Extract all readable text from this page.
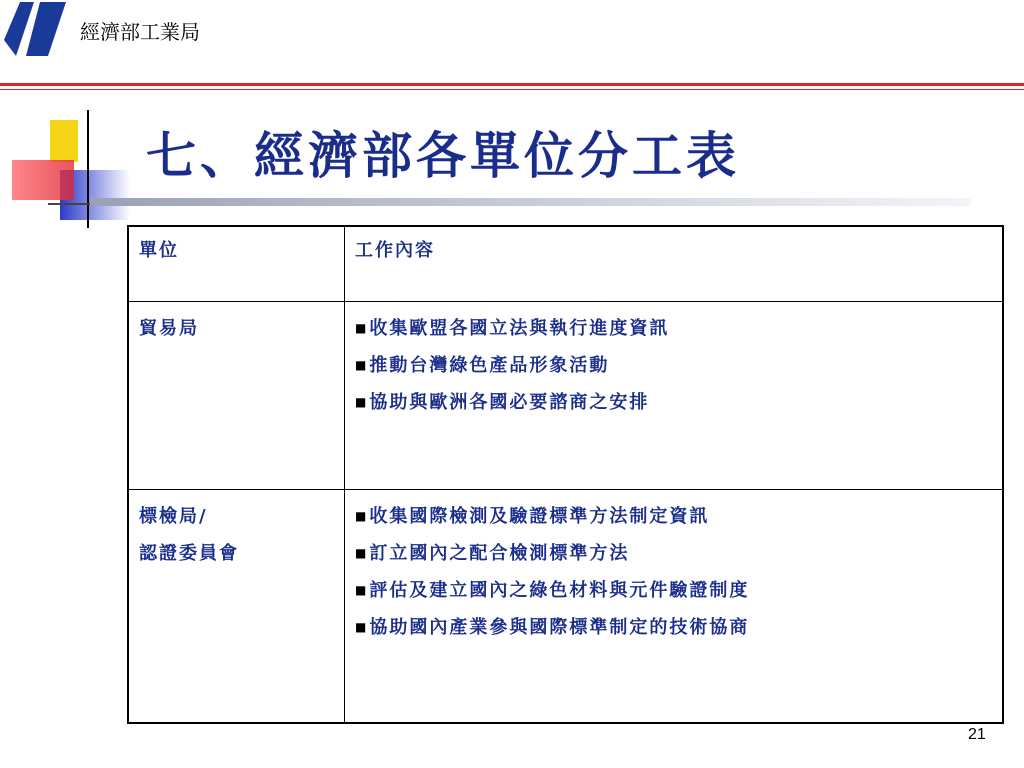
經濟部工業局
七、經濟部各單位分工表
單位	工作內容

貿易局	■收集歐盟各國立法與執行進度資訊
■推動台灣綠色產品形象活動
■協助與歐洲各國必要諮商之安排

標檢局/
認證委員會	■收集國際檢測及驗證標準方法制定資訊
■訂立國內之配合檢測標準方法
■評估及建立國內之綠色材料與元件驗證制度
■協助國內產業參與國際標準制定的技術協商
21
